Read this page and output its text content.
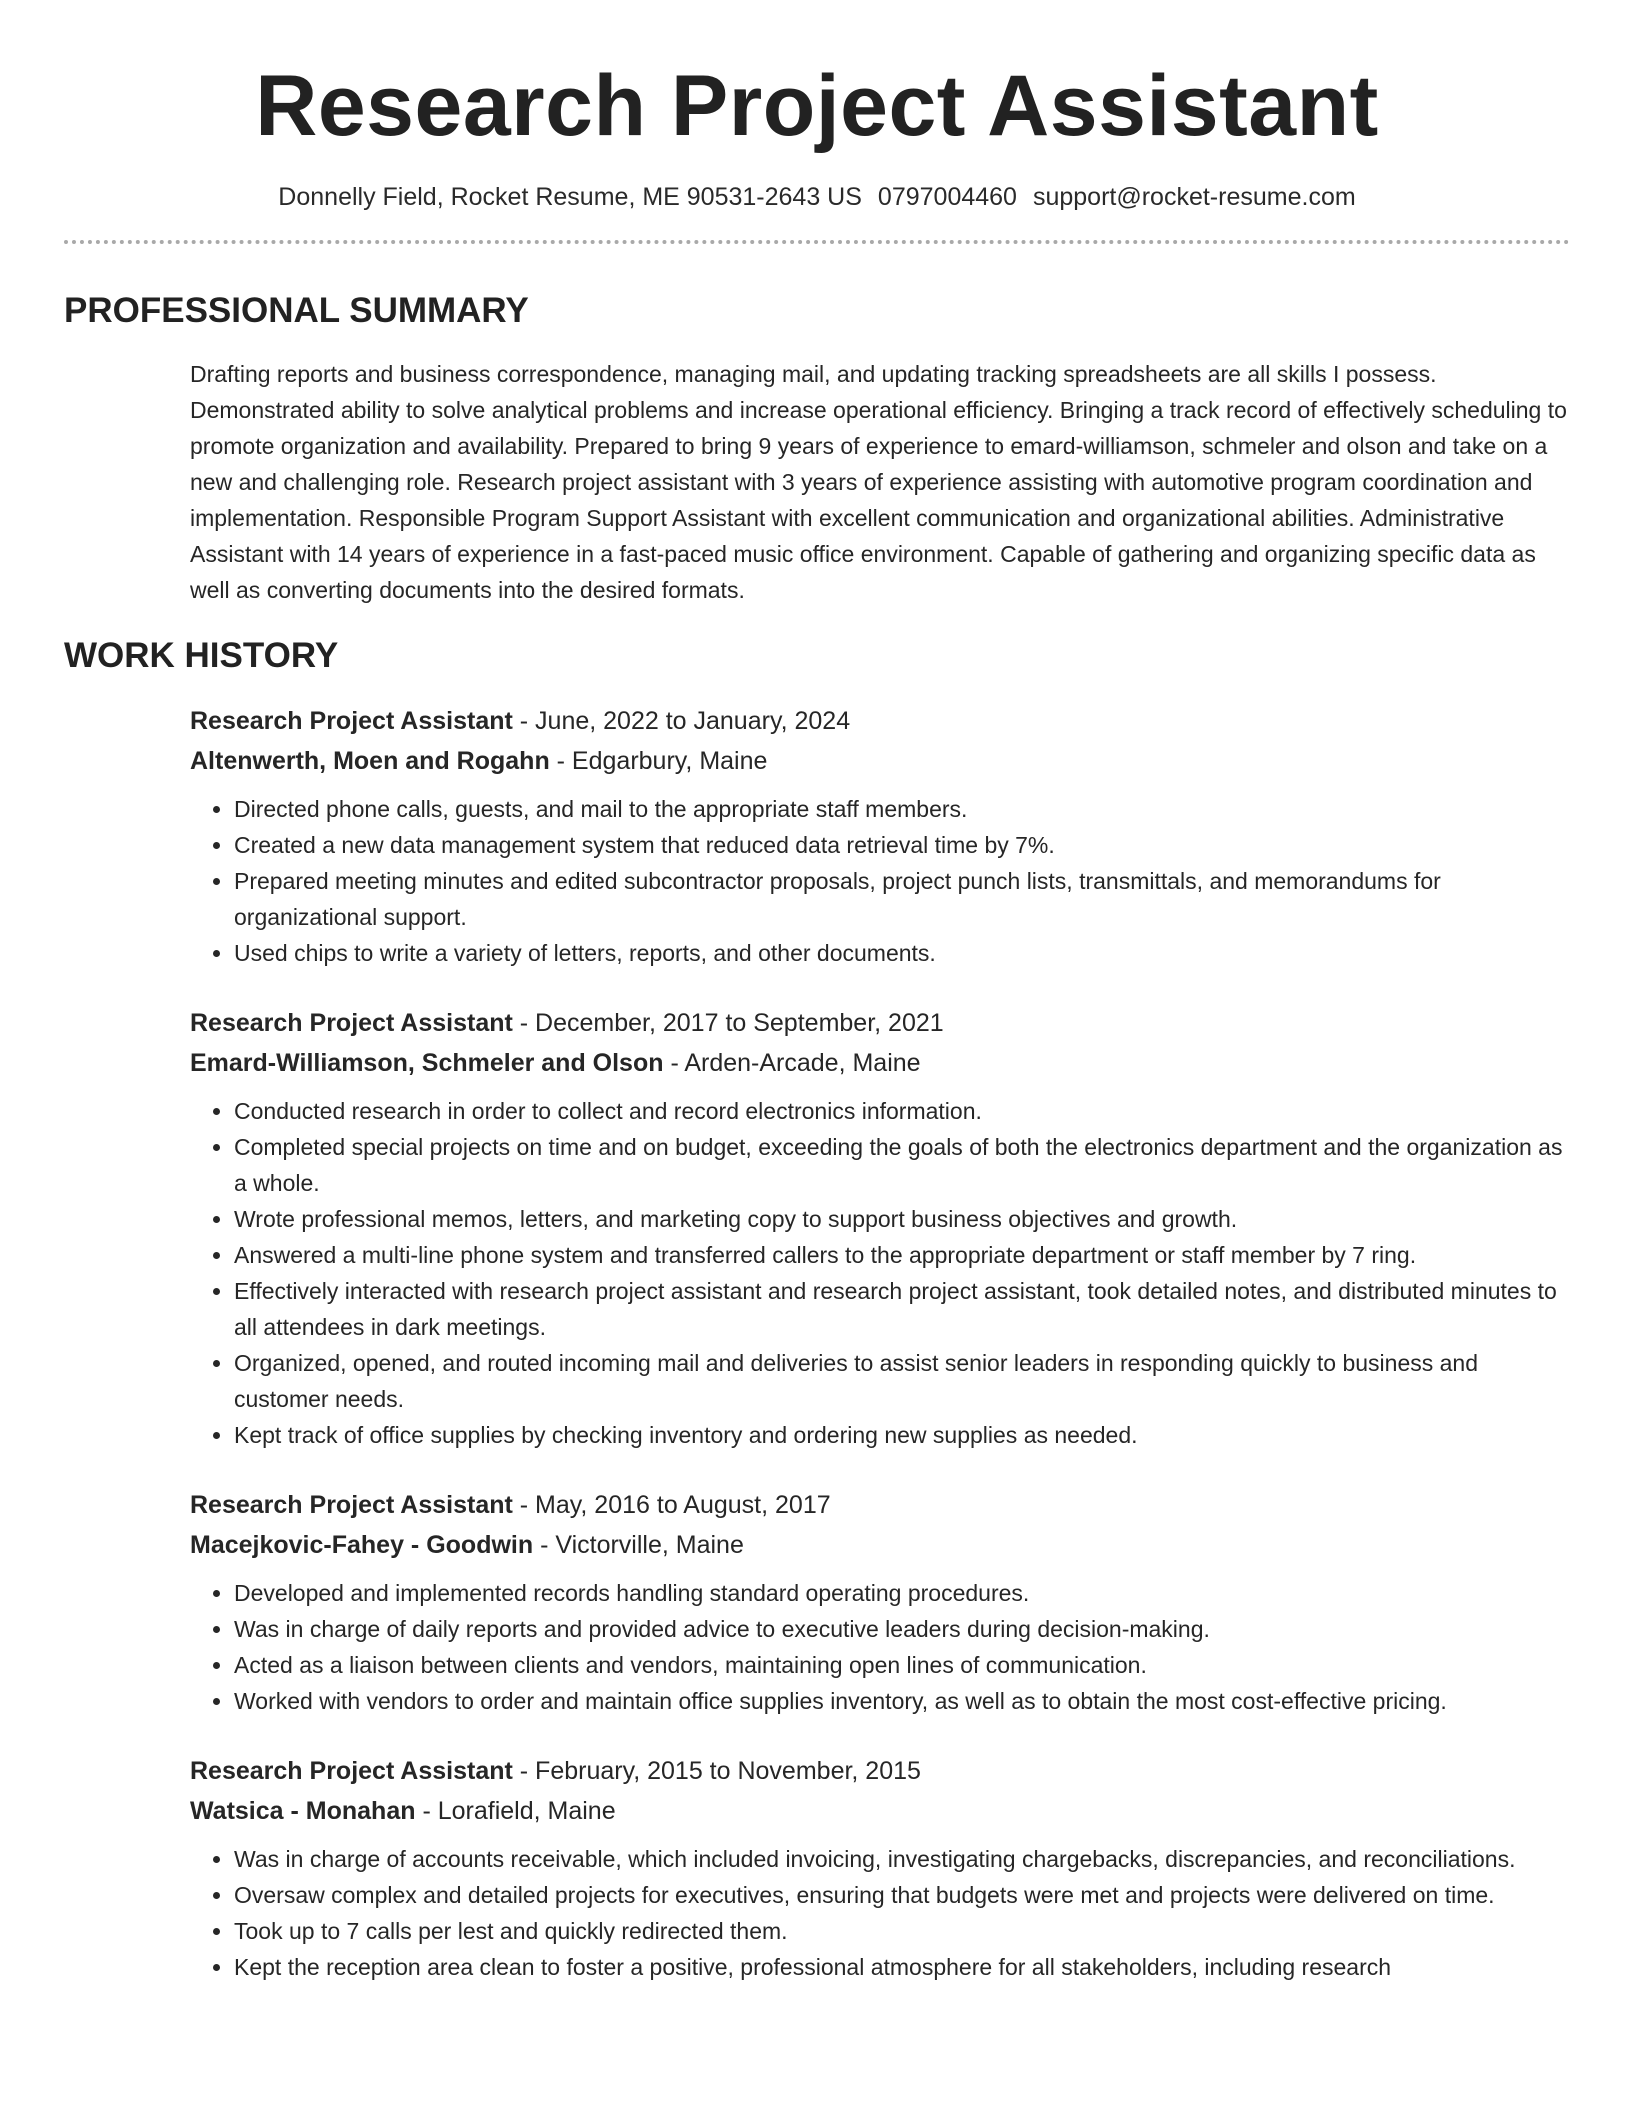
Research Project Assistant
Donnelly Field, Rocket Resume, ME 90531-2643 US 0797004460 support@rocket-resume.com
PROFESSIONAL SUMMARY
Drafting reports and business correspondence, managing mail, and updating tracking spreadsheets are all skills I possess. Demonstrated ability to solve analytical problems and increase operational efficiency. Bringing a track record of effectively scheduling to promote organization and availability. Prepared to bring 9 years of experience to emard-williamson, schmeler and olson and take on a new and challenging role. Research project assistant with 3 years of experience assisting with automotive program coordination and implementation. Responsible Program Support Assistant with excellent communication and organizational abilities. Administrative Assistant with 14 years of experience in a fast-paced music office environment. Capable of gathering and organizing specific data as well as converting documents into the desired formats.
WORK HISTORY
Research Project Assistant - June, 2022 to January, 2024
Altenwerth, Moen and Rogahn - Edgarbury, Maine
• Directed phone calls, guests, and mail to the appropriate staff members.
• Created a new data management system that reduced data retrieval time by 7%.
• Prepared meeting minutes and edited subcontractor proposals, project punch lists, transmittals, and memorandums for organizational support.
• Used chips to write a variety of letters, reports, and other documents.
Research Project Assistant - December, 2017 to September, 2021
Emard-Williamson, Schmeler and Olson - Arden-Arcade, Maine
• Conducted research in order to collect and record electronics information.
• Completed special projects on time and on budget, exceeding the goals of both the electronics department and the organization as a whole.
• Wrote professional memos, letters, and marketing copy to support business objectives and growth.
• Answered a multi-line phone system and transferred callers to the appropriate department or staff member by 7 ring.
• Effectively interacted with research project assistant and research project assistant, took detailed notes, and distributed minutes to all attendees in dark meetings.
• Organized, opened, and routed incoming mail and deliveries to assist senior leaders in responding quickly to business and customer needs.
• Kept track of office supplies by checking inventory and ordering new supplies as needed.
Research Project Assistant - May, 2016 to August, 2017
Macejkovic-Fahey - Goodwin - Victorville, Maine
• Developed and implemented records handling standard operating procedures.
• Was in charge of daily reports and provided advice to executive leaders during decision-making.
• Acted as a liaison between clients and vendors, maintaining open lines of communication.
• Worked with vendors to order and maintain office supplies inventory, as well as to obtain the most cost-effective pricing.
Research Project Assistant - February, 2015 to November, 2015
Watsica - Monahan - Lorafield, Maine
• Was in charge of accounts receivable, which included invoicing, investigating chargebacks, discrepancies, and reconciliations.
• Oversaw complex and detailed projects for executives, ensuring that budgets were met and projects were delivered on time.
• Took up to 7 calls per lest and quickly redirected them.
• Kept the reception area clean to foster a positive, professional atmosphere for all stakeholders, including research
